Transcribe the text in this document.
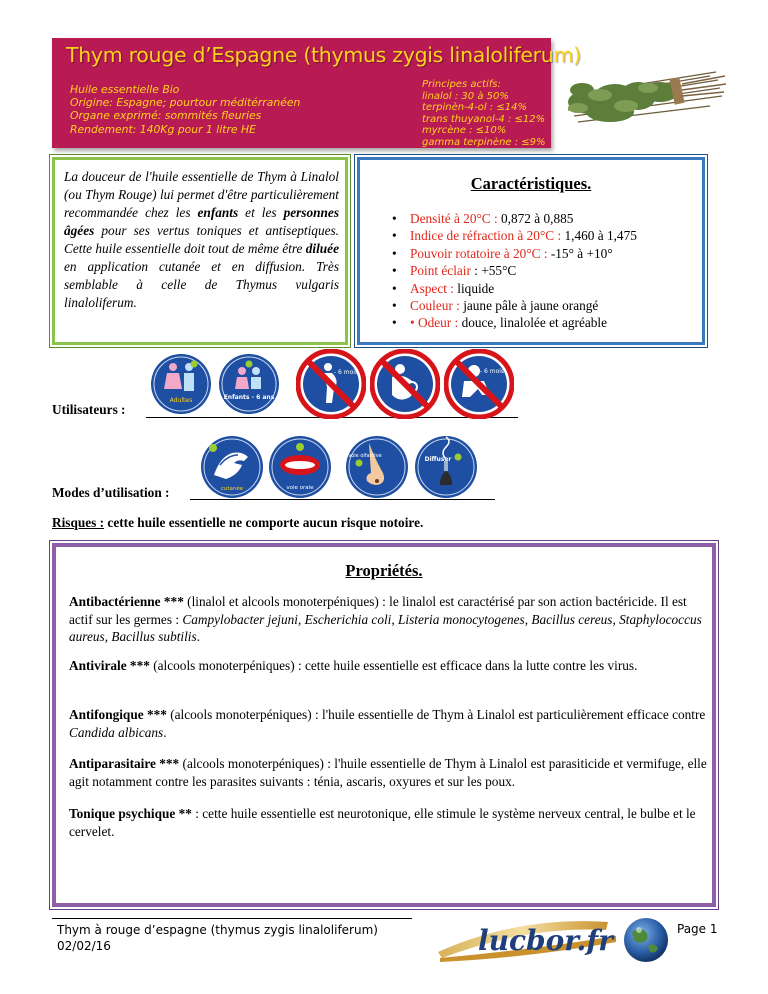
Thym rouge d’Espagne (thymus zygis linaloliferum)
Huile essentielle Bio
Origine: Espagne; pourtour méditérranéen
Organe exprimé: sommités fleuries
Rendement: 140Kg pour 1 litre HE
Principes actifs:
linalol : 30 à 50%
terpinèn-4-ol : ≤14%
trans thuyanol-4 : ≤12%
myrcène : ≤10%
gamma terpinène : ≤9%
La douceur de l'huile essentielle de Thym à Linalol (ou Thym Rouge) lui permet d'être particulièrement recommandée chez les enfants et les personnes âgées pour ses vertus toniques et antiseptiques. Cette huile essentielle doit tout de même être diluée en application cutanée et en diffusion. Très semblable à celle de Thymus vulgaris linaloliferum.
Caractéristiques.
• Densité à 20°C : 0,872 à 0,885
• Indice de réfraction à 20°C : 1,460 à 1,475
• Pouvoir rotatoire à 20°C : -15° à +10°
• Point éclair : +55°C
• Aspect : liquide
• Couleur : jaune pâle à jaune orangé
• • Odeur : douce, linalolée et agréable
Utilisateurs :
Adultes	Enfants - 6 ans
- 6 mois	- 6 mois
Modes d’utilisation :	cutanée	voie orale
voie olfactive	Diffuser
Risques : cette huile essentielle ne comporte aucun risque notoire.
Propriétés.
Antibactérienne *** (linalol et alcools monoterpéniques) : le linalol est caractérisé par son action bactéricide. Il est actif sur les germes : Campylobacter jejuni, Escherichia coli, Listeria monocytogenes, Bacillus cereus, Staphylococcus aureus, Bacillus subtilis.
Antivirale *** (alcools monoterpéniques) : cette huile essentielle est efficace dans la lutte contre les virus.
Antifongique *** (alcools monoterpéniques) : l'huile essentielle de Thym à Linalol est particulièrement efficace contre Candida albicans.
Antiparasitaire *** (alcools monoterpéniques) : l'huile essentielle de Thym à Linalol est parasiticide et vermifuge, elle agit notamment contre les parasites suivants : ténia, ascaris, oxyures et sur les poux.
Tonique psychique ** : cette huile essentielle est neurotonique, elle stimule le système nerveux central, le bulbe et le cervelet.
Thym à rouge d’espagne (thymus zygis linaloliferum)
02/02/16	lucbor.fr	Page 1
